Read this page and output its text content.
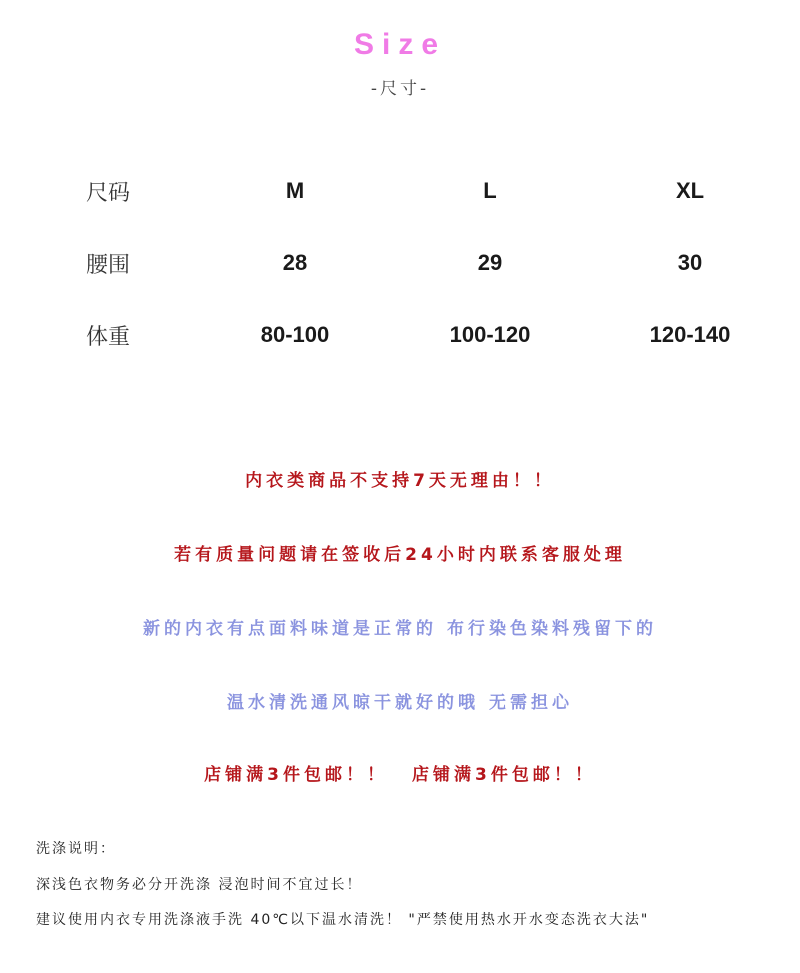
Size
-尺寸-
尺码	M	L	XL
腰围	28	29	30
体重	80-100	100-120	120-140
内衣类商品不支持7天无理由！！
若有质量问题请在签收后24小时内联系客服处理
新的内衣有点面料味道是正常的 布行染色染料残留下的
温水清洗通风晾干就好的哦 无需担心
店铺满3件包邮！！ 店铺满3件包邮！！
洗涤说明：
深浅色衣物务必分开洗涤 浸泡时间不宜过长！
建议使用内衣专用洗涤液手洗 40℃以下温水清洗！ "严禁使用热水开水变态洗衣大法"
